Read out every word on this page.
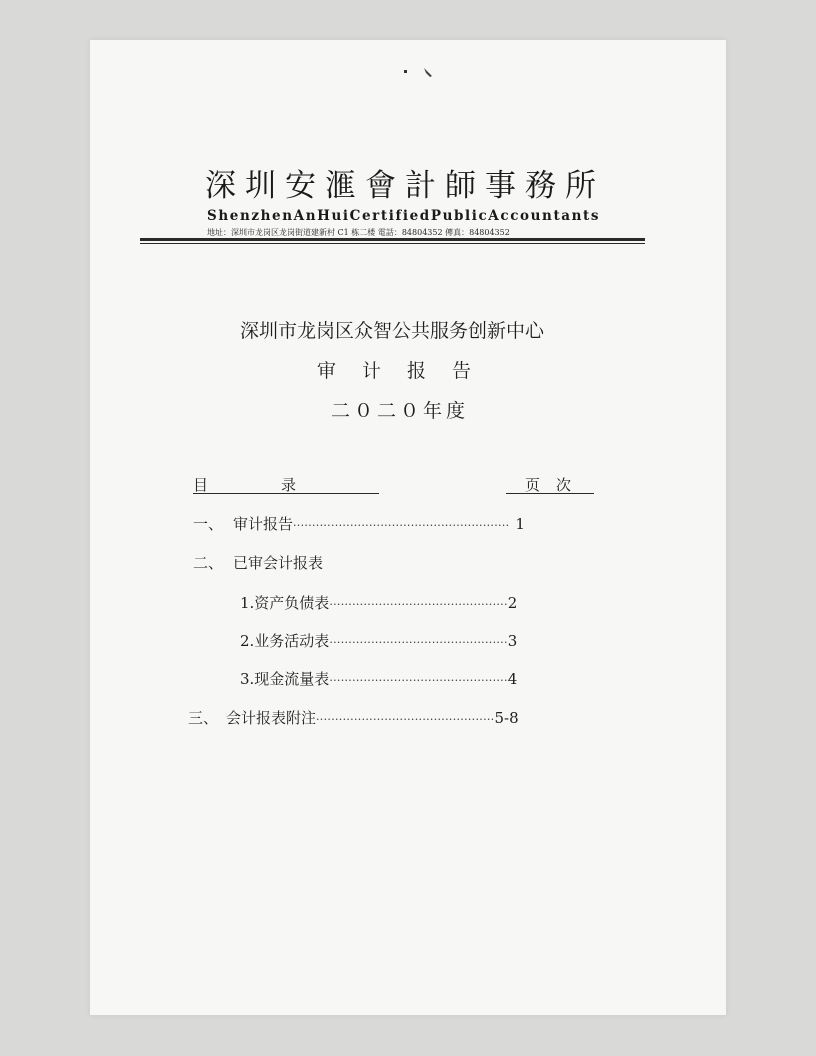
深圳安滙會計師事務所
ShenzhenAnHuiCertifiedPublicAccountants
地址：深圳市龙岗区龙岗街道建新村 C1 栋二楼 電話：84804352 傳真：84804352
深圳市龙岗区众智公共服务创新中心
审 计 报 告
二０二０年度
目	录	页次
一、 审计报告························································· 1
二、 已审会计报表
1.资产负债表···············································2
2.业务活动表···············································3
3.现金流量表···············································4
三、 会计报表附注···············································5-8
